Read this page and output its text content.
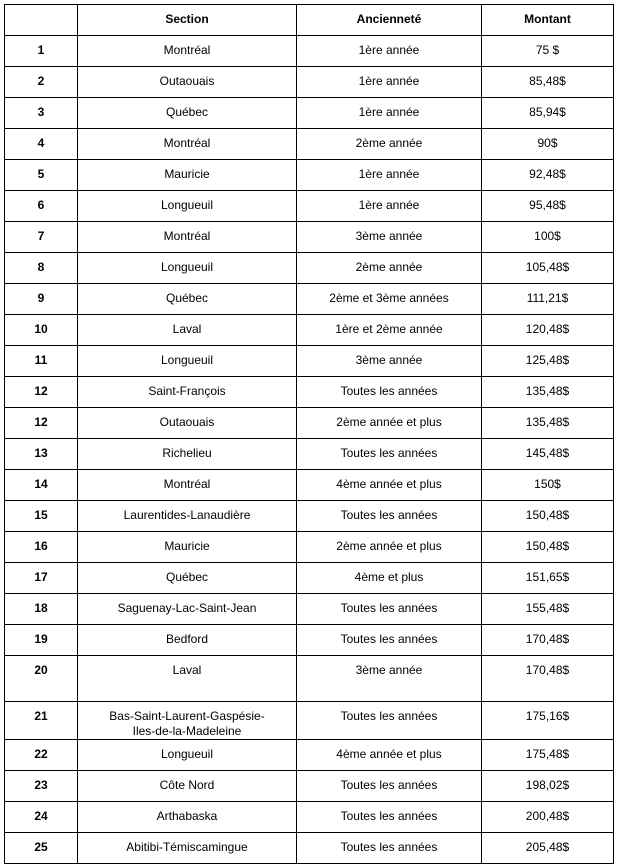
	Section	Ancienneté	Montant
1	Montréal	1ère année	75 $
2	Outaouais	1ère année	85,48$
3	Québec	1ère année	85,94$
4	Montréal	2ème année	90$
5	Mauricie	1ère année	92,48$
6	Longueuil	1ère année	95,48$
7	Montréal	3ème année	100$
8	Longueuil	2ème année	105,48$
9	Québec	2ème et 3ème années	111,21$
10	Laval	1ère et 2ème année	120,48$
11	Longueuil	3ème année	125,48$
12	Saint-François	Toutes les années	135,48$
12	Outaouais	2ème année et plus	135,48$
13	Richelieu	Toutes les années	145,48$
14	Montréal	4ème année et plus	150$
15	Laurentides-Lanaudière	Toutes les années	150,48$
16	Mauricie	2ème année et plus	150,48$
17	Québec	4ème et plus	151,65$
18	Saguenay-Lac-Saint-Jean	Toutes les années	155,48$
19	Bedford	Toutes les années	170,48$
20	Laval	3ème année	170,48$
21	Bas-Saint-Laurent-Gaspésie-
Iles-de-la-Madeleine	Toutes les années	175,16$
22	Longueuil	4ème année et plus	175,48$
23	Côte Nord	Toutes les années	198,02$
24	Arthabaska	Toutes les années	200,48$
25	Abitibi-Témiscamingue	Toutes les années	205,48$
